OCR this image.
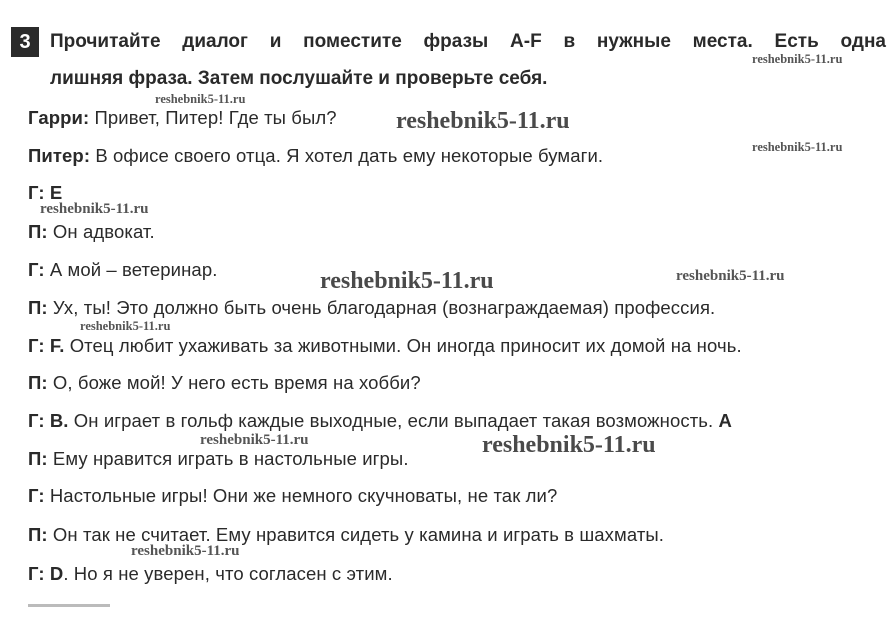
3	Прочитайте диалог и поместите фразы A-F в нужные места. Есть одна
лишняя фраза. Затем послушайте и проверьте себя.
Гарри: Привет, Питер! Где ты был?
Питер: В офисе своего отца. Я хотел дать ему некоторые бумаги.
Г: E
П: Он адвокат.
Г: А мой – ветеринар.
П: Ух, ты! Это должно быть очень благодарная (вознаграждаемая) профессия.
Г: F. Отец любит ухаживать за животными. Он иногда приносит их домой на ночь.
П: О, боже мой! У него есть время на хобби?
Г: B. Он играет в гольф каждые выходные, если выпадает такая возможность. A
П: Ему нравится играть в настольные игры.
Г: Настольные игры! Они же немного скучноваты, не так ли?
П: Он так не считает. Ему нравится сидеть у камина и играть в шахматы.
Г: D. Но я не уверен, что согласен с этим.
reshebnik5-11.ru
reshebnik5-11.ru
reshebnik5-11.ru
reshebnik5-11.ru
reshebnik5-11.ru
reshebnik5-11.ru	reshebnik5-11.ru
reshebnik5-11.ru
reshebnik5-11.ru	reshebnik5-11.ru
reshebnik5-11.ru
